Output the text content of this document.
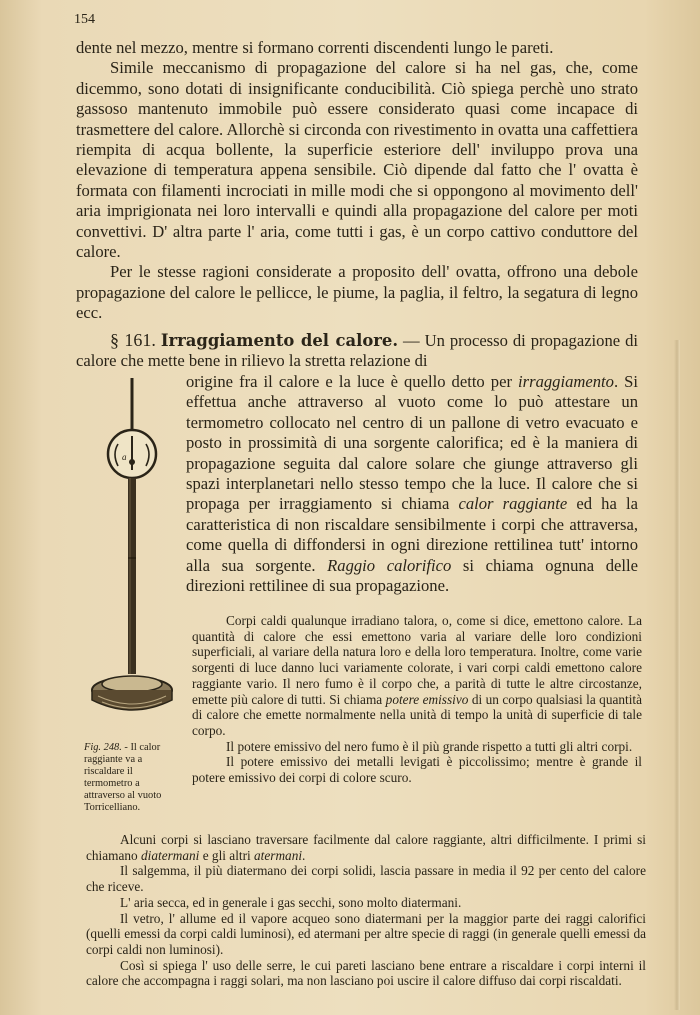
154

dente nel mezzo, mentre si formano correnti discendenti lungo le pareti.

Simile meccanismo di propagazione del calore si ha nel gas, che, come dicemmo, sono dotati di insignificante conducibilità. Ciò spiega perchè uno strato gassoso mantenuto immobile può essere considerato quasi come incapace di trasmettere del calore. Allorchè si circonda con rivestimento in ovatta una caffettiera riempita di acqua bollente, la superficie esteriore dell' inviluppo prova una elevazione di temperatura appena sensibile. Ciò dipende dal fatto che l' ovatta è formata con filamenti incrociati in mille modi che si oppongono al movimento dell' aria imprigionata nei loro intervalli e quindi alla propagazione del calore per moti convettivi. D' altra parte l' aria, come tutti i gas, è un corpo cattivo conduttore del calore.

Per le stesse ragioni considerate a proposito dell' ovatta, offrono una debole propagazione del calore le pellicce, le piume, la paglia, il feltro, la segatura di legno ecc.

§ 161. Irraggiamento del calore. — Un processo di propagazione di calore che mette bene in rilievo la stretta relazione di

origine fra il calore e la luce è quello detto per irraggiamento. Si effettua anche attraverso al vuoto come lo può attestare un termometro collocato nel centro di un pallone di vetro evacuato e posto in prossimità di una sorgente calorifica; ed è la maniera di propagazione seguita dal calore solare che giunge attraverso gli spazi interplanetari nello stesso tempo che la luce. Il calore che si propaga per irraggiamento si chiama calor raggiante ed ha la caratteristica di non riscaldare sensibilmente i corpi che attraversa, come quella di diffondersi in ogni direzione rettilinea tutt' intorno alla sua sorgente. Raggio calorifico si chiama ognuna delle direzioni rettilinee di sua propagazione.

a
Fig. 248. - Il calor raggiante va a riscaldare il termometro a attraverso al vuoto Torricelliano.

Corpi caldi qualunque irradiano talora, o, come si dice, emettono calore. La quantità di calore che essi emettono varia al variare delle loro condizioni superficiali, al variare della natura loro e della loro temperatura. Inoltre, come varie sorgenti di luce danno luci variamente colorate, i vari corpi caldi emettono calore raggiante vario. Il nero fumo è il corpo che, a parità di tutte le altre circostanze, emette più calore di tutti. Si chiama potere emissivo di un corpo qualsiasi la quantità di calore che emette normalmente nella unità di tempo la unità di superficie di tale corpo.

Il potere emissivo del nero fumo è il più grande rispetto a tutti gli altri corpi.

Il potere emissivo dei metalli levigati è piccolissimo; mentre è grande il potere emissivo dei corpi di colore scuro.

Alcuni corpi si lasciano traversare facilmente dal calore raggiante, altri difficilmente. I primi si chiamano diatermani e gli altri atermani.

Il salgemma, il più diatermano dei corpi solidi, lascia passare in media il 92 per cento del calore che riceve.

L' aria secca, ed in generale i gas secchi, sono molto diatermani.

Il vetro, l' allume ed il vapore acqueo sono diatermani per la maggior parte dei raggi calorifici (quelli emessi da corpi caldi luminosi), ed atermani per altre specie di raggi (in generale quelli emessi da corpi caldi non luminosi).

Così si spiega l' uso delle serre, le cui pareti lasciano bene entrare a riscaldare i corpi interni il calore che accompagna i raggi solari, ma non lasciano poi uscire il calore diffuso dai corpi riscaldati.
